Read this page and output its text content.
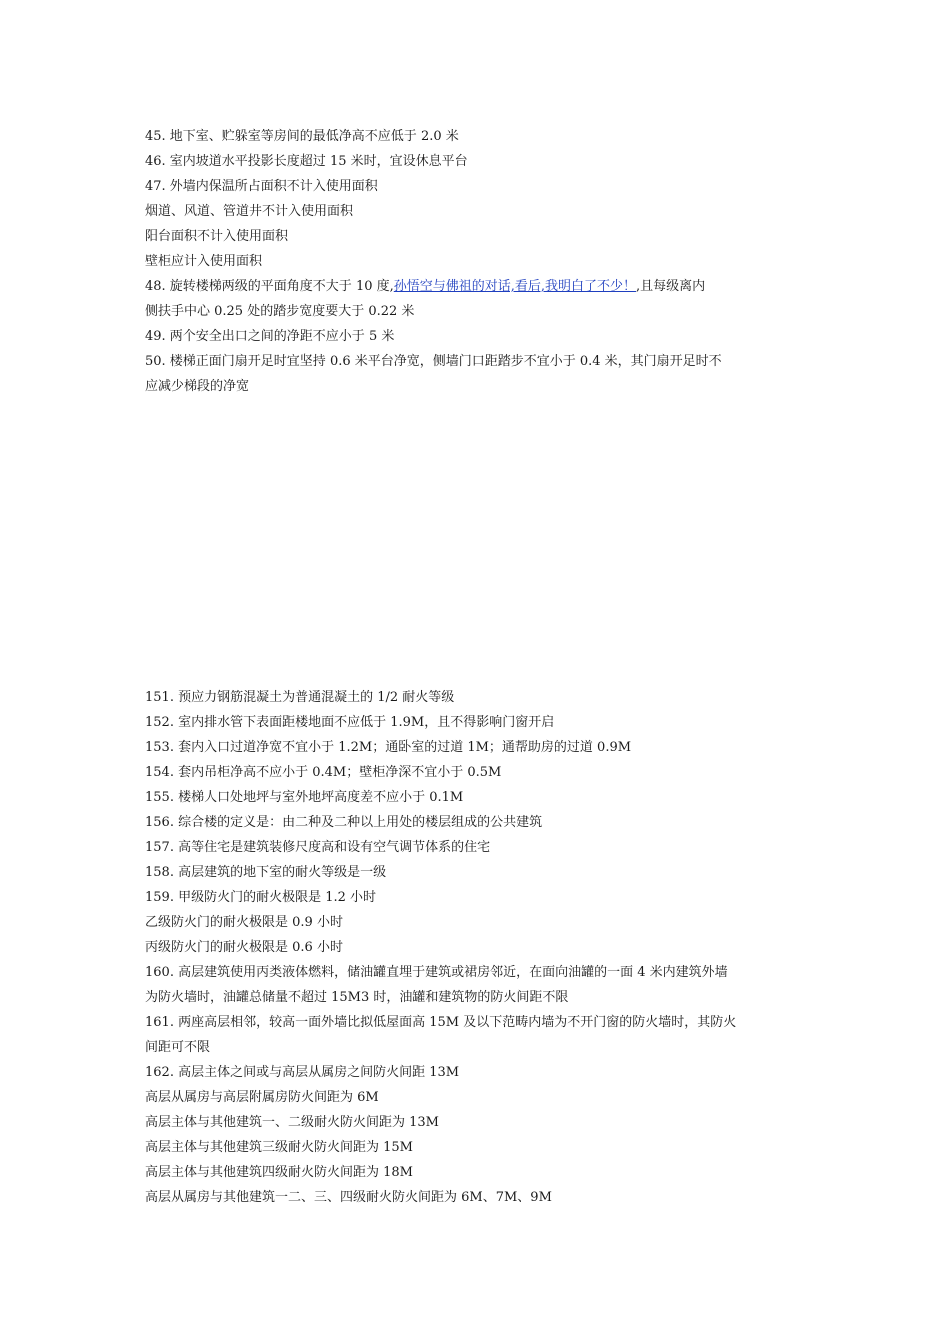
45. 地下室、贮躲室等房间的最低净高不应低于 2.0 米
46. 室内坡道水平投影长度超过 15 米时，宜设休息平台
47. 外墙内保温所占面积不计入使用面积
烟道、风道、管道井不计入使用面积
阳台面积不计入使用面积
壁柜应计入使用面积
48. 旋转楼梯两级的平面角度不大于 10 度,孙悟空与佛祖的对话,看后,我明白了不少！,且每级离内
侧扶手中心 0.25 处的踏步宽度要大于 0.22 米
49. 两个安全出口之间的净距不应小于 5 米
50. 楼梯正面门扇开足时宜坚持 0.6 米平台净宽，侧墙门口距踏步不宜小于 0.4 米，其门扇开足时不
应减少梯段的净宽
151. 预应力钢筋混凝土为普通混凝土的 1/2 耐火等级
152. 室内排水管下表面距楼地面不应低于 1.9M，且不得影响门窗开启
153. 套内入口过道净宽不宜小于 1.2M；通卧室的过道 1M；通帮助房的过道 0.9M
154. 套内吊柜净高不应小于 0.4M；壁柜净深不宜小于 0.5M
155. 楼梯人口处地坪与室外地坪高度差不应小于 0.1M
156. 综合楼的定义是：由二种及二种以上用处的楼层组成的公共建筑
157. 高等住宅是建筑装修尺度高和设有空气调节体系的住宅
158. 高层建筑的地下室的耐火等级是一级
159. 甲级防火门的耐火极限是 1.2 小时
乙级防火门的耐火极限是 0.9 小时
丙级防火门的耐火极限是 0.6 小时
160. 高层建筑使用丙类液体燃料，储油罐直埋于建筑或裙房邻近，在面向油罐的一面 4 米内建筑外墙
为防火墙时，油罐总储量不超过 15M3 时，油罐和建筑物的防火间距不限
161. 两座高层相邻，较高一面外墙比拟低屋面高 15M 及以下范畴内墙为不开门窗的防火墙时，其防火
间距可不限
162. 高层主体之间或与高层从属房之间防火间距 13M
高层从属房与高层附属房防火间距为 6M
高层主体与其他建筑一、二级耐火防火间距为 13M
高层主体与其他建筑三级耐火防火间距为 15M
高层主体与其他建筑四级耐火防火间距为 18M
高层从属房与其他建筑一二、三、四级耐火防火间距为 6M、7M、9M
